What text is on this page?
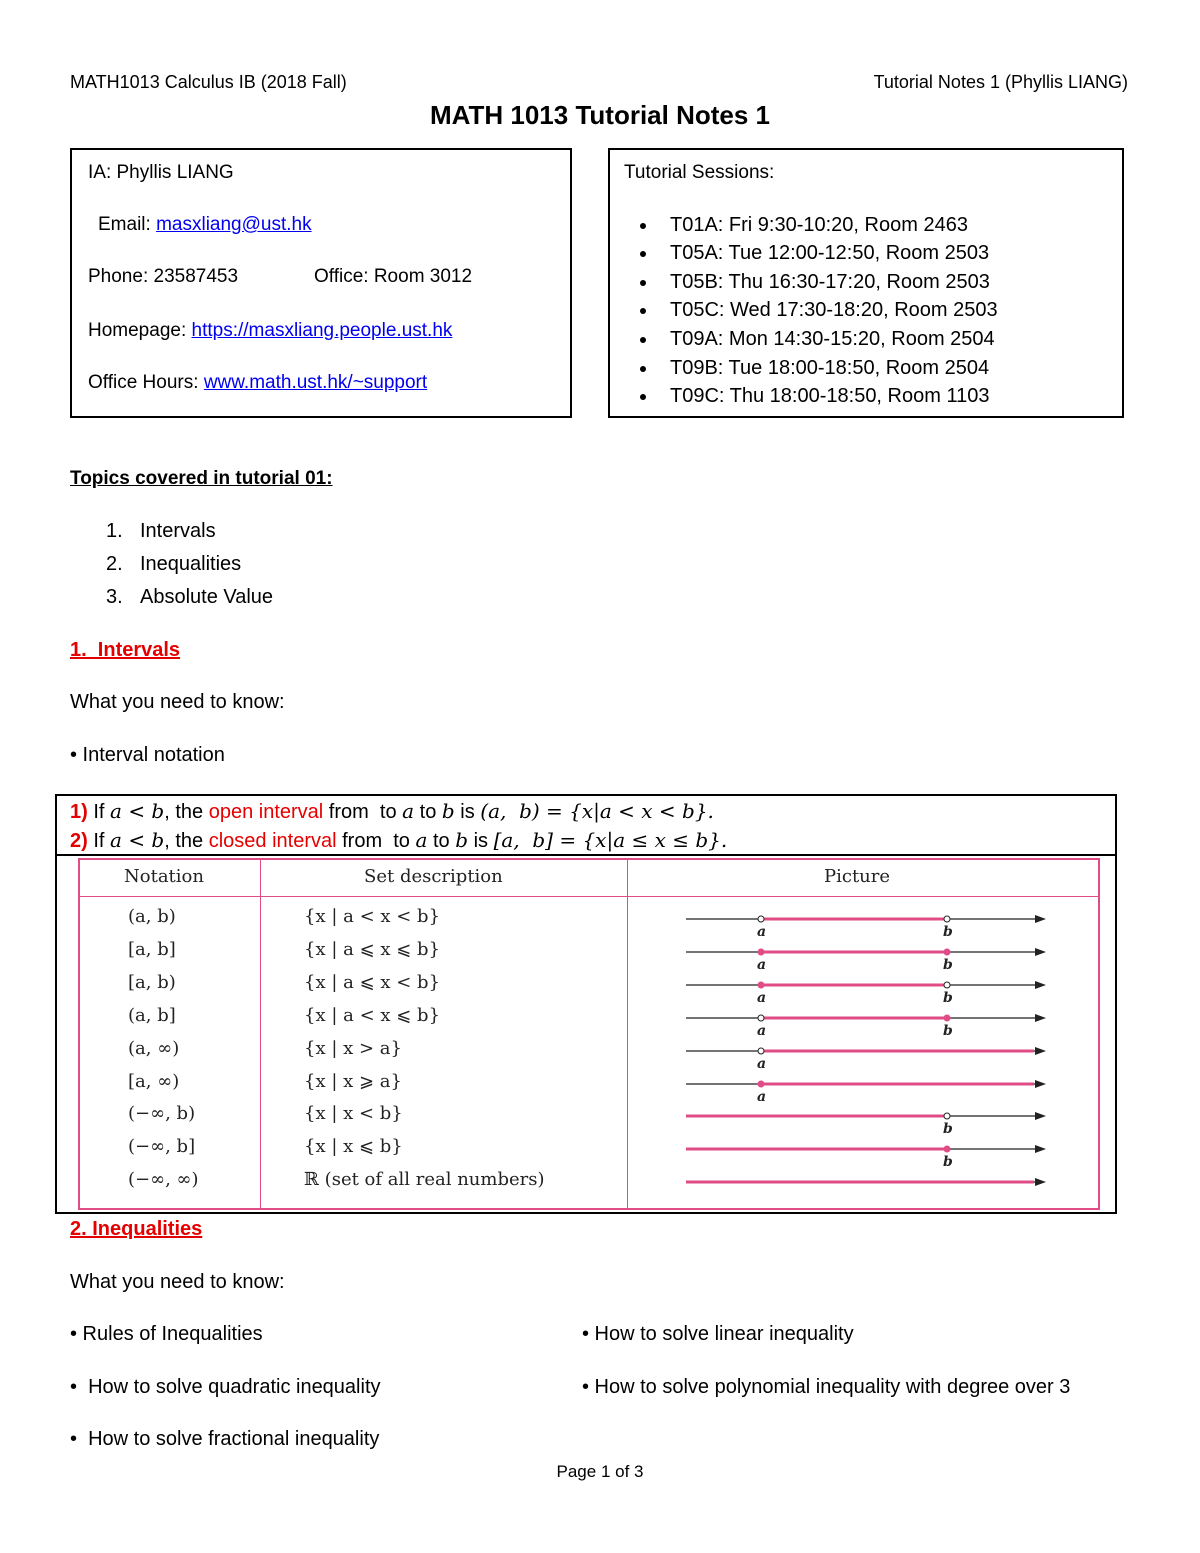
MATH1013 Calculus IB (2018 Fall)	Tutorial Notes 1 (Phyllis LIANG)
MATH 1013 Tutorial Notes 1
IA: Phyllis LIANG
Email: masxliang@ust.hk
Phone: 23587453	Office: Room 3012
Homepage: https://masxliang.people.ust.hk
Office Hours: www.math.ust.hk/~support
Tutorial Sessions:
T01A: Fri 9:30-10:20, Room 2463
T05A: Tue 12:00-12:50, Room 2503
T05B: Thu 16:30-17:20, Room 2503
T05C: Wed 17:30-18:20, Room 2503
T09A: Mon 14:30-15:20, Room 2504
T09B: Tue 18:00-18:50, Room 2504
T09C: Thu 18:00-18:50, Room 1103
Topics covered in tutorial 01:
1. Intervals
2. Inequalities
3. Absolute Value
1.  Intervals
What you need to know:
• Interval notation
1) If a < b, the open interval from  to a to b is (a,  b) = {x|a < x < b}.
2) If a < b, the closed interval from  to a to b is [a,  b] = {x|a ≤ x ≤ b}.
Notation	Set description	Picture
(a, b)	{x | a < x < b}
a	b
[a, b]	{x | a ⩽ x ⩽ b}
a	b
[a, b)	{x | a ⩽ x < b}
a	b
(a, b]	{x | a < x ⩽ b}
a	b
(a, ∞)	{x | x > a}
a
[a, ∞)	{x | x ⩾ a}
a
(−∞, b)	{x | x < b}
b
(−∞, b]	{x | x ⩽ b}
b
(−∞, ∞)	ℝ (set of all real numbers)
2. Inequalities
What you need to know:
• Rules of Inequalities
•  How to solve quadratic inequality
•  How to solve fractional inequality
• How to solve linear inequality
• How to solve polynomial inequality with degree over 3
Page 1 of 3
